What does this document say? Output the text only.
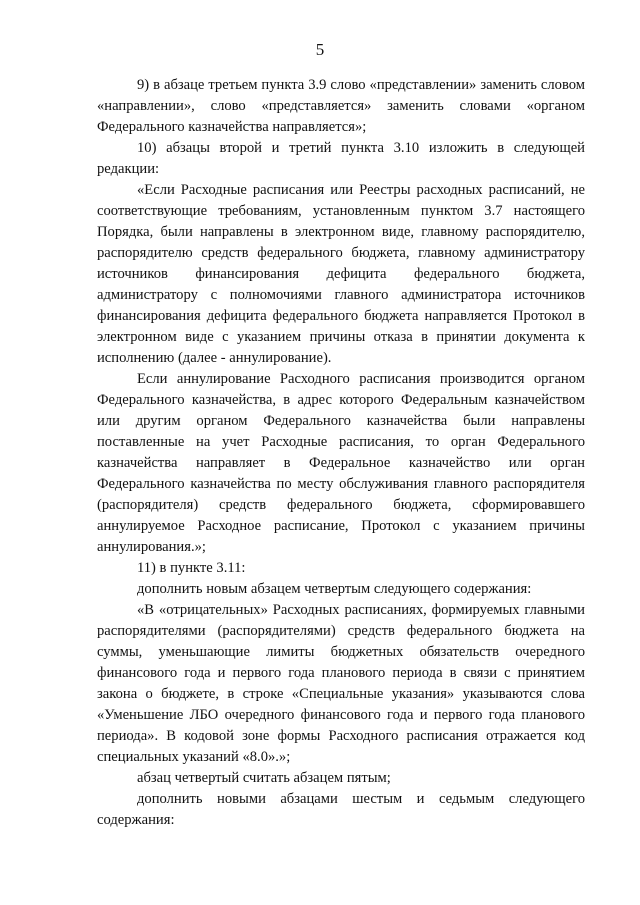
5

9) в абзаце третьем пункта 3.9 слово «представлении» заменить словом «направлении», слово «представляется» заменить словами «органом Федерального казначейства направляется»;

10) абзацы второй и третий пункта 3.10 изложить в следующей редакции:

«Если Расходные расписания или Реестры расходных расписаний, не соответствующие требованиям, установленным пунктом 3.7 настоящего Порядка, были направлены в электронном виде, главному распорядителю, распорядителю средств федерального бюджета, главному администратору источников финансирования дефицита федерального бюджета, администратору с полномочиями главного администратора источников финансирования дефицита федерального бюджета направляется Протокол в электронном виде с указанием причины отказа в принятии документа к исполнению (далее - аннулирование).

Если аннулирование Расходного расписания производится органом Федерального казначейства, в адрес которого Федеральным казначейством или другим органом Федерального казначейства были направлены поставленные на учет Расходные расписания, то орган Федерального казначейства направляет в Федеральное казначейство или орган Федерального казначейства по месту обслуживания главного распорядителя (распорядителя) средств федерального бюджета, сформировавшего аннулируемое Расходное расписание, Протокол с указанием причины аннулирования.»;

11) в пункте 3.11:

дополнить новым абзацем четвертым следующего содержания:

«В «отрицательных» Расходных расписаниях, формируемых главными распорядителями (распорядителями) средств федерального бюджета на суммы, уменьшающие лимиты бюджетных обязательств очередного финансового года и первого года планового периода в связи с принятием закона о бюджете, в строке «Специальные указания» указываются слова «Уменьшение ЛБО очередного финансового года и первого года планового периода». В кодовой зоне формы Расходного расписания отражается код специальных указаний «8.0».»;

абзац четвертый считать абзацем пятым;

дополнить новыми абзацами шестым и седьмым следующего содержания:
